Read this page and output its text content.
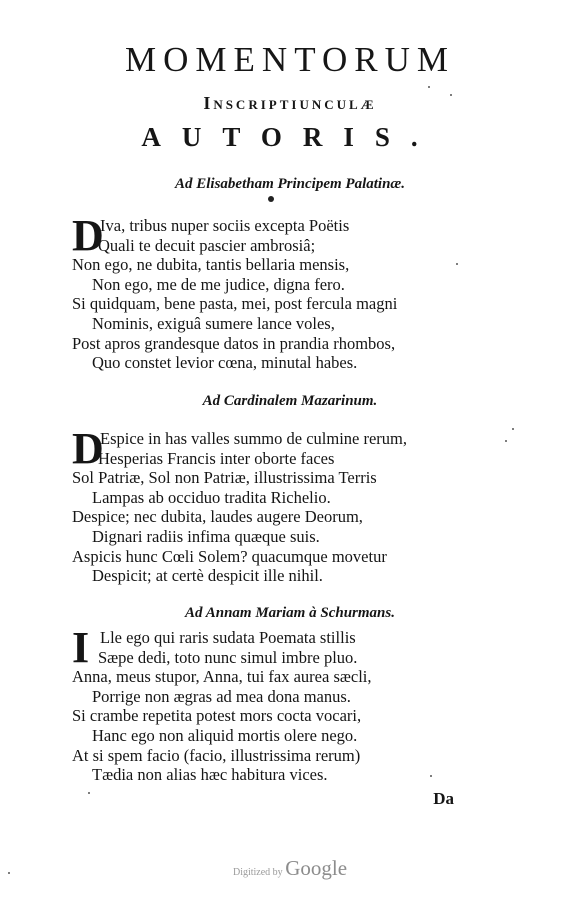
MOMENTORUM
Inscriptiunculæ
AUTORIS.
Ad Elisabetham Principem Palatinæ.
D
Iva, tribus nuper sociis excepta Poëtis
Quali te decuit pascier ambrosiâ;
Non ego, ne dubita, tantis bellaria mensis,
Non ego, me de me judice, digna fero.
Si quidquam, bene pasta, mei, post fercula magni
Nominis, exiguâ sumere lance voles,
Post apros grandesque datos in prandia rhombos,
Quo constet levior cœna, minutal habes.
Ad Cardinalem Mazarinum.
D
Espice in has valles summo de culmine rerum,
Hesperias Francis inter oborte faces
Sol Patriæ, Sol non Patriæ, illustrissima Terris
Lampas ab occiduo tradita Richelio.
Despice; nec dubita, laudes augere Deorum,
Dignari radiis infima quæque suis.
Aspicis hunc Cœli Solem? quacumque movetur
Despicit; at certè despicit ille nihil.
Ad Annam Mariam à Schurmans.
I Lle ego qui raris sudata Poemata stillis
Sæpe dedi, toto nunc simul imbre pluo.
Anna, meus stupor, Anna, tui fax aurea sæcli,
Porrige non ægras ad mea dona manus.
Si crambe repetita potest mors cocta vocari,
Hanc ego non aliquid mortis olere nego.
At si spem facio (facio, illustrissima rerum)
Tædia non alias hæc habitura vices.
Da
Digitized by Google
